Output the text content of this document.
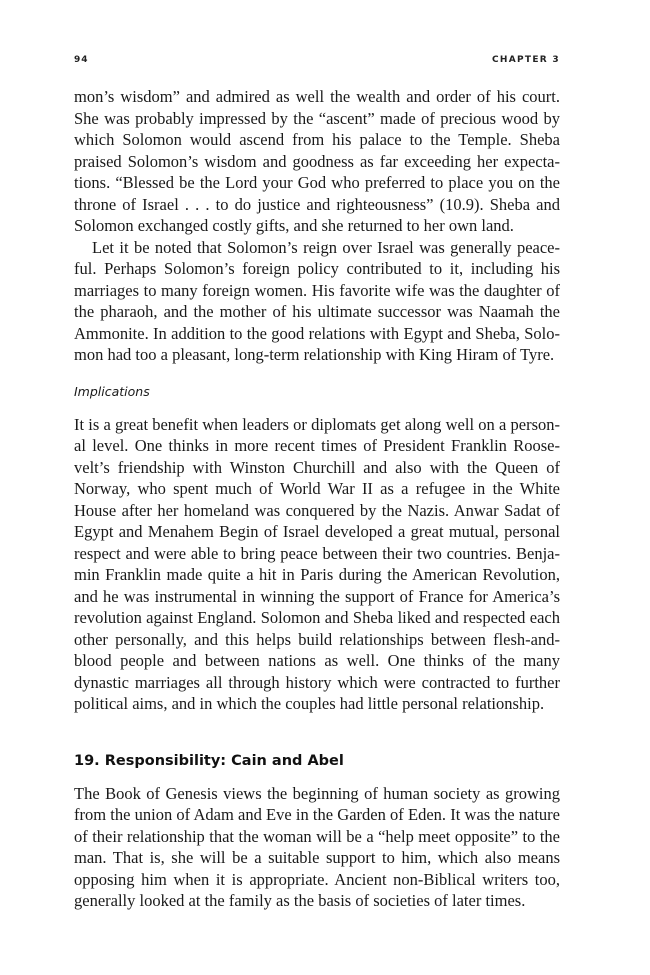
94	CHAPTER 3

mon’s wisdom” and admired as well the wealth and order of his court. She was probably impressed by the “ascent” made of precious wood by which Solomon would ascend from his palace to the Temple. Sheba praised Solomon’s wisdom and goodness as far exceeding her expectations. “Blessed be the Lord your God who preferred to place you on the throne of Israel . . . to do justice and righteousness” (10.9). Sheba and Solomon exchanged costly gifts, and she returned to her own land.

Let it be noted that Solomon’s reign over Israel was generally peaceful. Perhaps Solomon’s foreign policy contributed to it, including his marriages to many foreign women. His favorite wife was the daughter of the pharaoh, and the mother of his ultimate successor was Naamah the Ammonite. In addition to the good relations with Egypt and Sheba, Solomon had too a pleasant, long-term relationship with King Hiram of Tyre.

Implications

It is a great benefit when leaders or diplomats get along well on a personal level. One thinks in more recent times of President Franklin Roosevelt’s friendship with Winston Churchill and also with the Queen of Norway, who spent much of World War II as a refugee in the White House after her homeland was conquered by the Nazis. Anwar Sadat of Egypt and Menahem Begin of Israel developed a great mutual, personal respect and were able to bring peace between their two countries. Benjamin Franklin made quite a hit in Paris during the American Revolution, and he was instrumental in winning the support of France for America’s revolution against England. Solomon and Sheba liked and respected each other personally, and this helps build relationships between flesh-and-blood people and between nations as well. One thinks of the many dynastic marriages all through history which were contracted to further political aims, and in which the couples had little personal relationship.

19. Responsibility: Cain and Abel

The Book of Genesis views the beginning of human society as growing from the union of Adam and Eve in the Garden of Eden. It was the nature of their relationship that the woman will be a “help meet opposite” to the man. That is, she will be a suitable support to him, which also means opposing him when it is appropriate. Ancient non-Biblical writers too, generally looked at the family as the basis of societies of later times.
